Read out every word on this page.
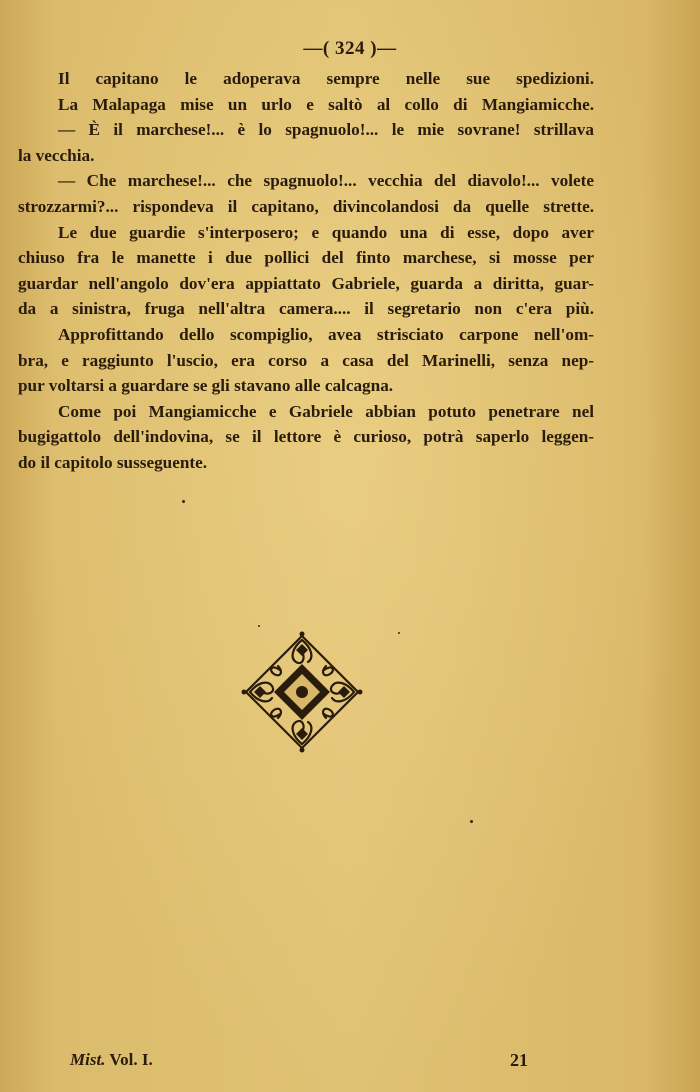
—( 324 )—
Il capitano le adoperava sempre nelle sue spedizioni.
La Malapaga mise un urlo e saltò al collo di Mangiamicche.
— È il marchese!... è lo spagnuolo!... le mie sovrane! strillava
la vecchia.
— Che marchese!... che spagnuolo!... vecchia del diavolo!... volete
strozzarmi?... rispondeva il capitano, divincolandosi da quelle strette.
Le due guardie s'interposero; e quando una di esse, dopo aver
chiuso fra le manette i due pollici del finto marchese, si mosse per
guardar nell'angolo dov'era appiattato Gabriele, guarda a diritta, guar-
da a sinistra, fruga nell'altra camera.... il segretario non c'era più.
Approfittando dello scompiglio, avea strisciato carpone nell'om-
bra, e raggiunto l'uscio, era corso a casa del Marinelli, senza nep-
pur voltarsi a guardare se gli stavano alle calcagna.
Come poi Mangiamicche e Gabriele abbian potuto penetrare nel
bugigattolo dell'indovina, se il lettore è curioso, potrà saperlo leggen-
do il capitolo susseguente.
Mist. Vol. I.	21
